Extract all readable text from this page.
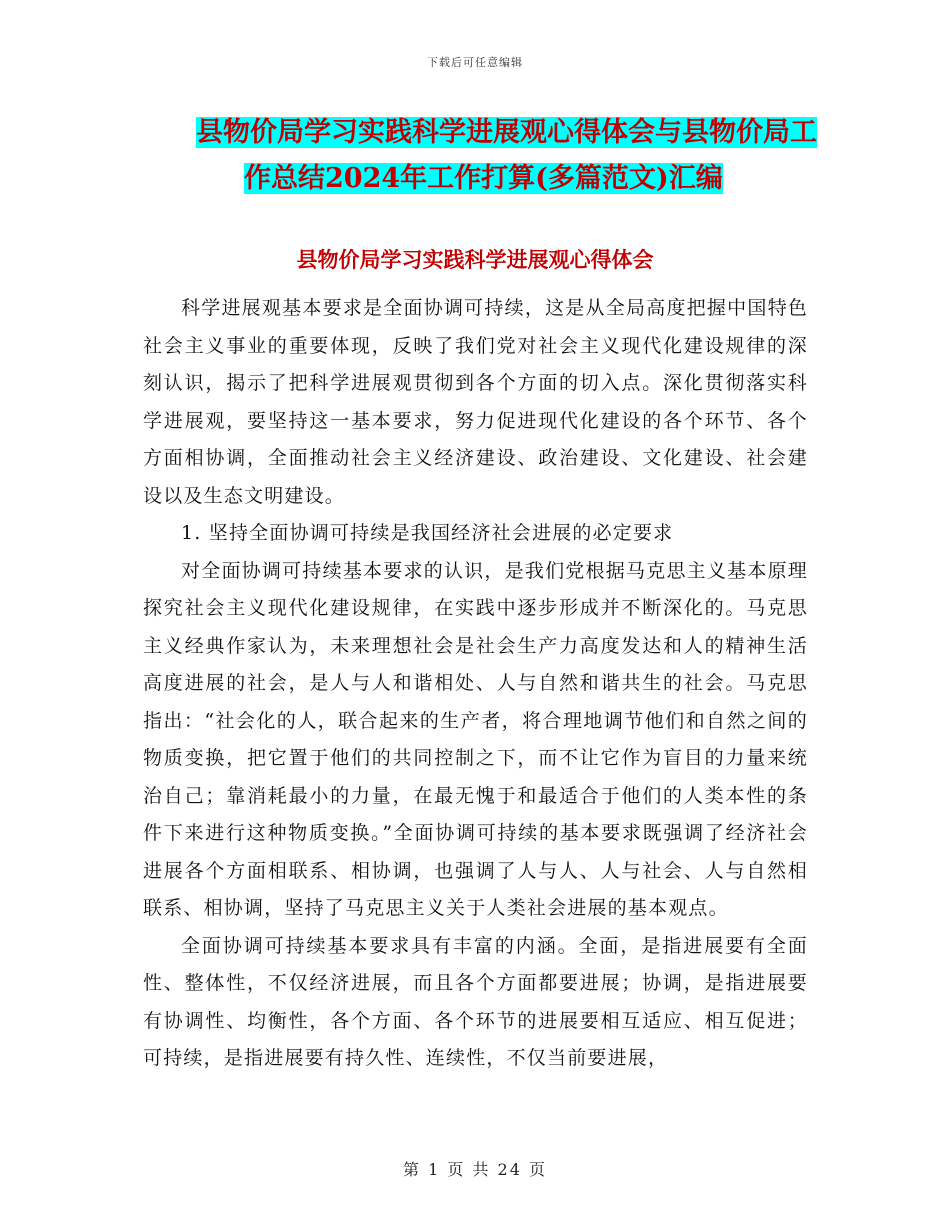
下载后可任意编辑
县物价局学习实践科学进展观心得体会与县物价局工
作总结2024年工作打算(多篇范文)汇编
县物价局学习实践科学进展观心得体会

科学进展观基本要求是全面协调可持续，这是从全局高度把握中国特色社会主义事业的重要体现，反映了我们党对社会主义现代化建设规律的深刻认识，揭示了把科学进展观贯彻到各个方面的切入点。深化贯彻落实科学进展观，要坚持这一基本要求，努力促进现代化建设的各个环节、各个方面相协调，全面推动社会主义经济建设、政治建设、文化建设、社会建设以及生态文明建设。

1. 坚持全面协调可持续是我国经济社会进展的必定要求

对全面协调可持续基本要求的认识，是我们党根据马克思主义基本原理探究社会主义现代化建设规律，在实践中逐步形成并不断深化的。马克思主义经典作家认为，未来理想社会是社会生产力高度发达和人的精神生活高度进展的社会，是人与人和谐相处、人与自然和谐共生的社会。马克思指出：“社会化的人，联合起来的生产者，将合理地调节他们和自然之间的物质变换，把它置于他们的共同控制之下，而不让它作为盲目的力量来统治自己；靠消耗最小的力量，在最无愧于和最适合于他们的人类本性的条件下来进行这种物质变换。”全面协调可持续的基本要求既强调了经济社会进展各个方面相联系、相协调，也强调了人与人、人与社会、人与自然相联系、相协调，坚持了马克思主义关于人类社会进展的基本观点。

全面协调可持续基本要求具有丰富的内涵。全面，是指进展要有全面性、整体性，不仅经济进展，而且各个方面都要进展；协调，是指进展要有协调性、均衡性，各个方面、各个环节的进展要相互适应、相互促进；可持续，是指进展要有持久性、连续性，不仅当前要进展，

第 1 页 共 24 页
